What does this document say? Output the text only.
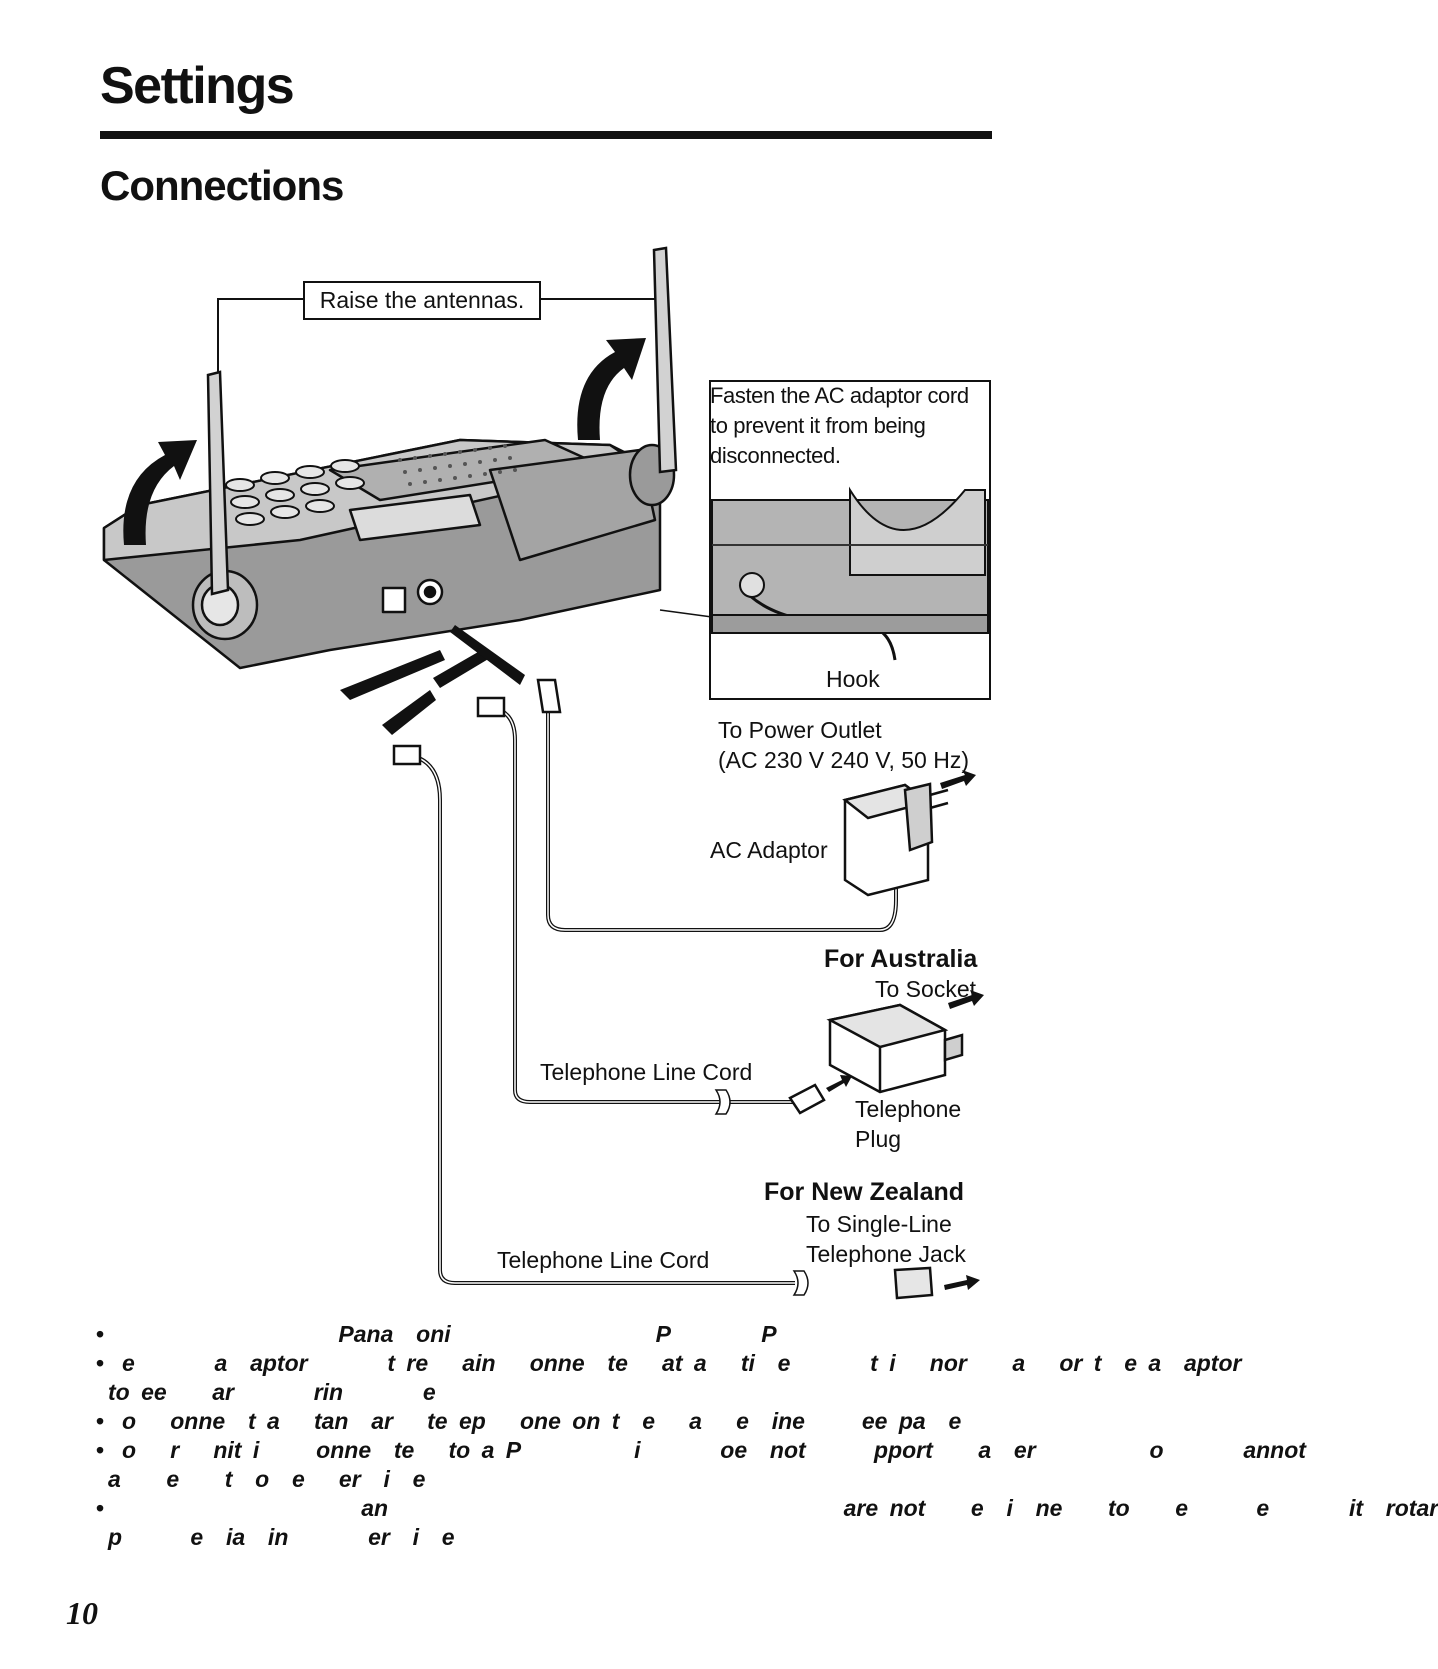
Settings
Connections
Raise the antennas.
Fasten the AC adaptor cord to prevent it from being disconnected.
Hook
To Power Outlet
(AC 230 V 240 V, 50 Hz)
AC Adaptor
For Australia
To Socket
Telephone Line Cord
Telephone
Plug
For New Zealand
To Single-Line
Telephone Jack
Telephone Line Cord
• Pana  oni                  P        P
• e       a  aptor       t re   ain   onne  te   at a   ti  e       t i   nor    a   or t  e a  aptor
to ee    ar       rin       e
• o   onne  t a   tan  ar   te ep   one on t  e   a   e  ine     ee pa  e
• o   r   nit i     onne  te   to a P          i       oe  not      pport    a  er          o       annot
a    e    t  o  e   er  i  e
• an                                        are not    e  i  ne    to    e      e       it  rotar
p      e  ia  in       er  i  e
10
